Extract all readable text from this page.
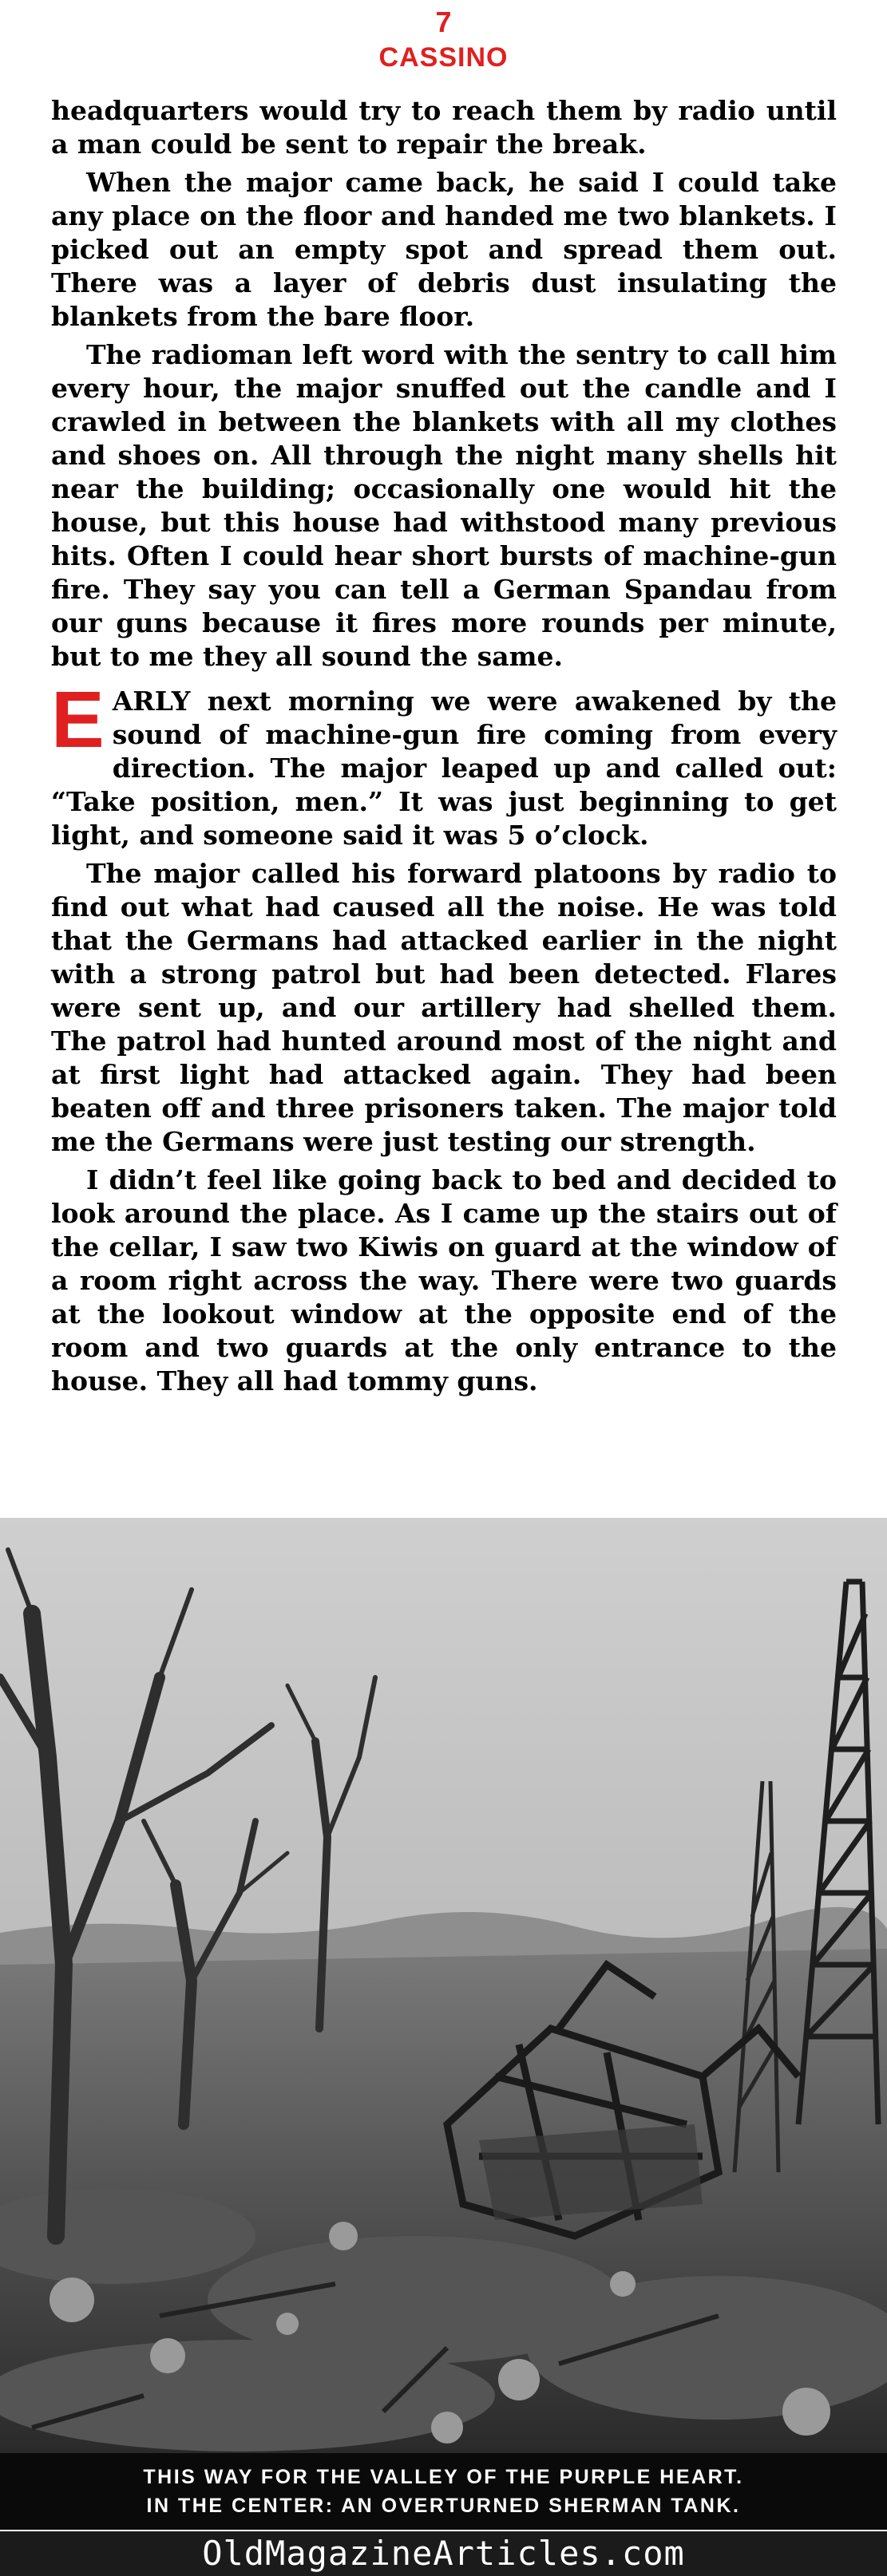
7
CASSINO

headquarters would try to reach them by radio until a man could be sent to repair the break.

When the major came back, he said I could take any place on the floor and handed me two blankets. I picked out an empty spot and spread them out. There was a layer of debris dust insulating the blankets from the bare floor.

The radioman left word with the sentry to call him every hour, the major snuffed out the candle and I crawled in between the blankets with all my clothes and shoes on. All through the night many shells hit near the building; occasionally one would hit the house, but this house had withstood many previous hits. Often I could hear short bursts of machine-gun fire. They say you can tell a German Spandau from our guns because it fires more rounds per minute, but to me they all sound the same.

EARLY next morning we were awakened by the sound of machine-gun fire coming from every direction. The major leaped up and called out: “Take position, men.” It was just beginning to get light, and someone said it was 5 o’clock.

The major called his forward platoons by radio to find out what had caused all the noise. He was told that the Germans had attacked earlier in the night with a strong patrol but had been detected. Flares were sent up, and our artillery had shelled them. The patrol had hunted around most of the night and at first light had attacked again. They had been beaten off and three prisoners taken. The major told me the Germans were just testing our strength.

I didn’t feel like going back to bed and decided to look around the place. As I came up the stairs out of the cellar, I saw two Kiwis on guard at the window of a room right across the way. There were two guards at the lookout window at the opposite end of the room and two guards at the only entrance to the house. They all had tommy guns.

THIS WAY FOR THE VALLEY OF THE PURPLE HEART.
IN THE CENTER: AN OVERTURNED SHERMAN TANK.
OldMagazineArticles.com
